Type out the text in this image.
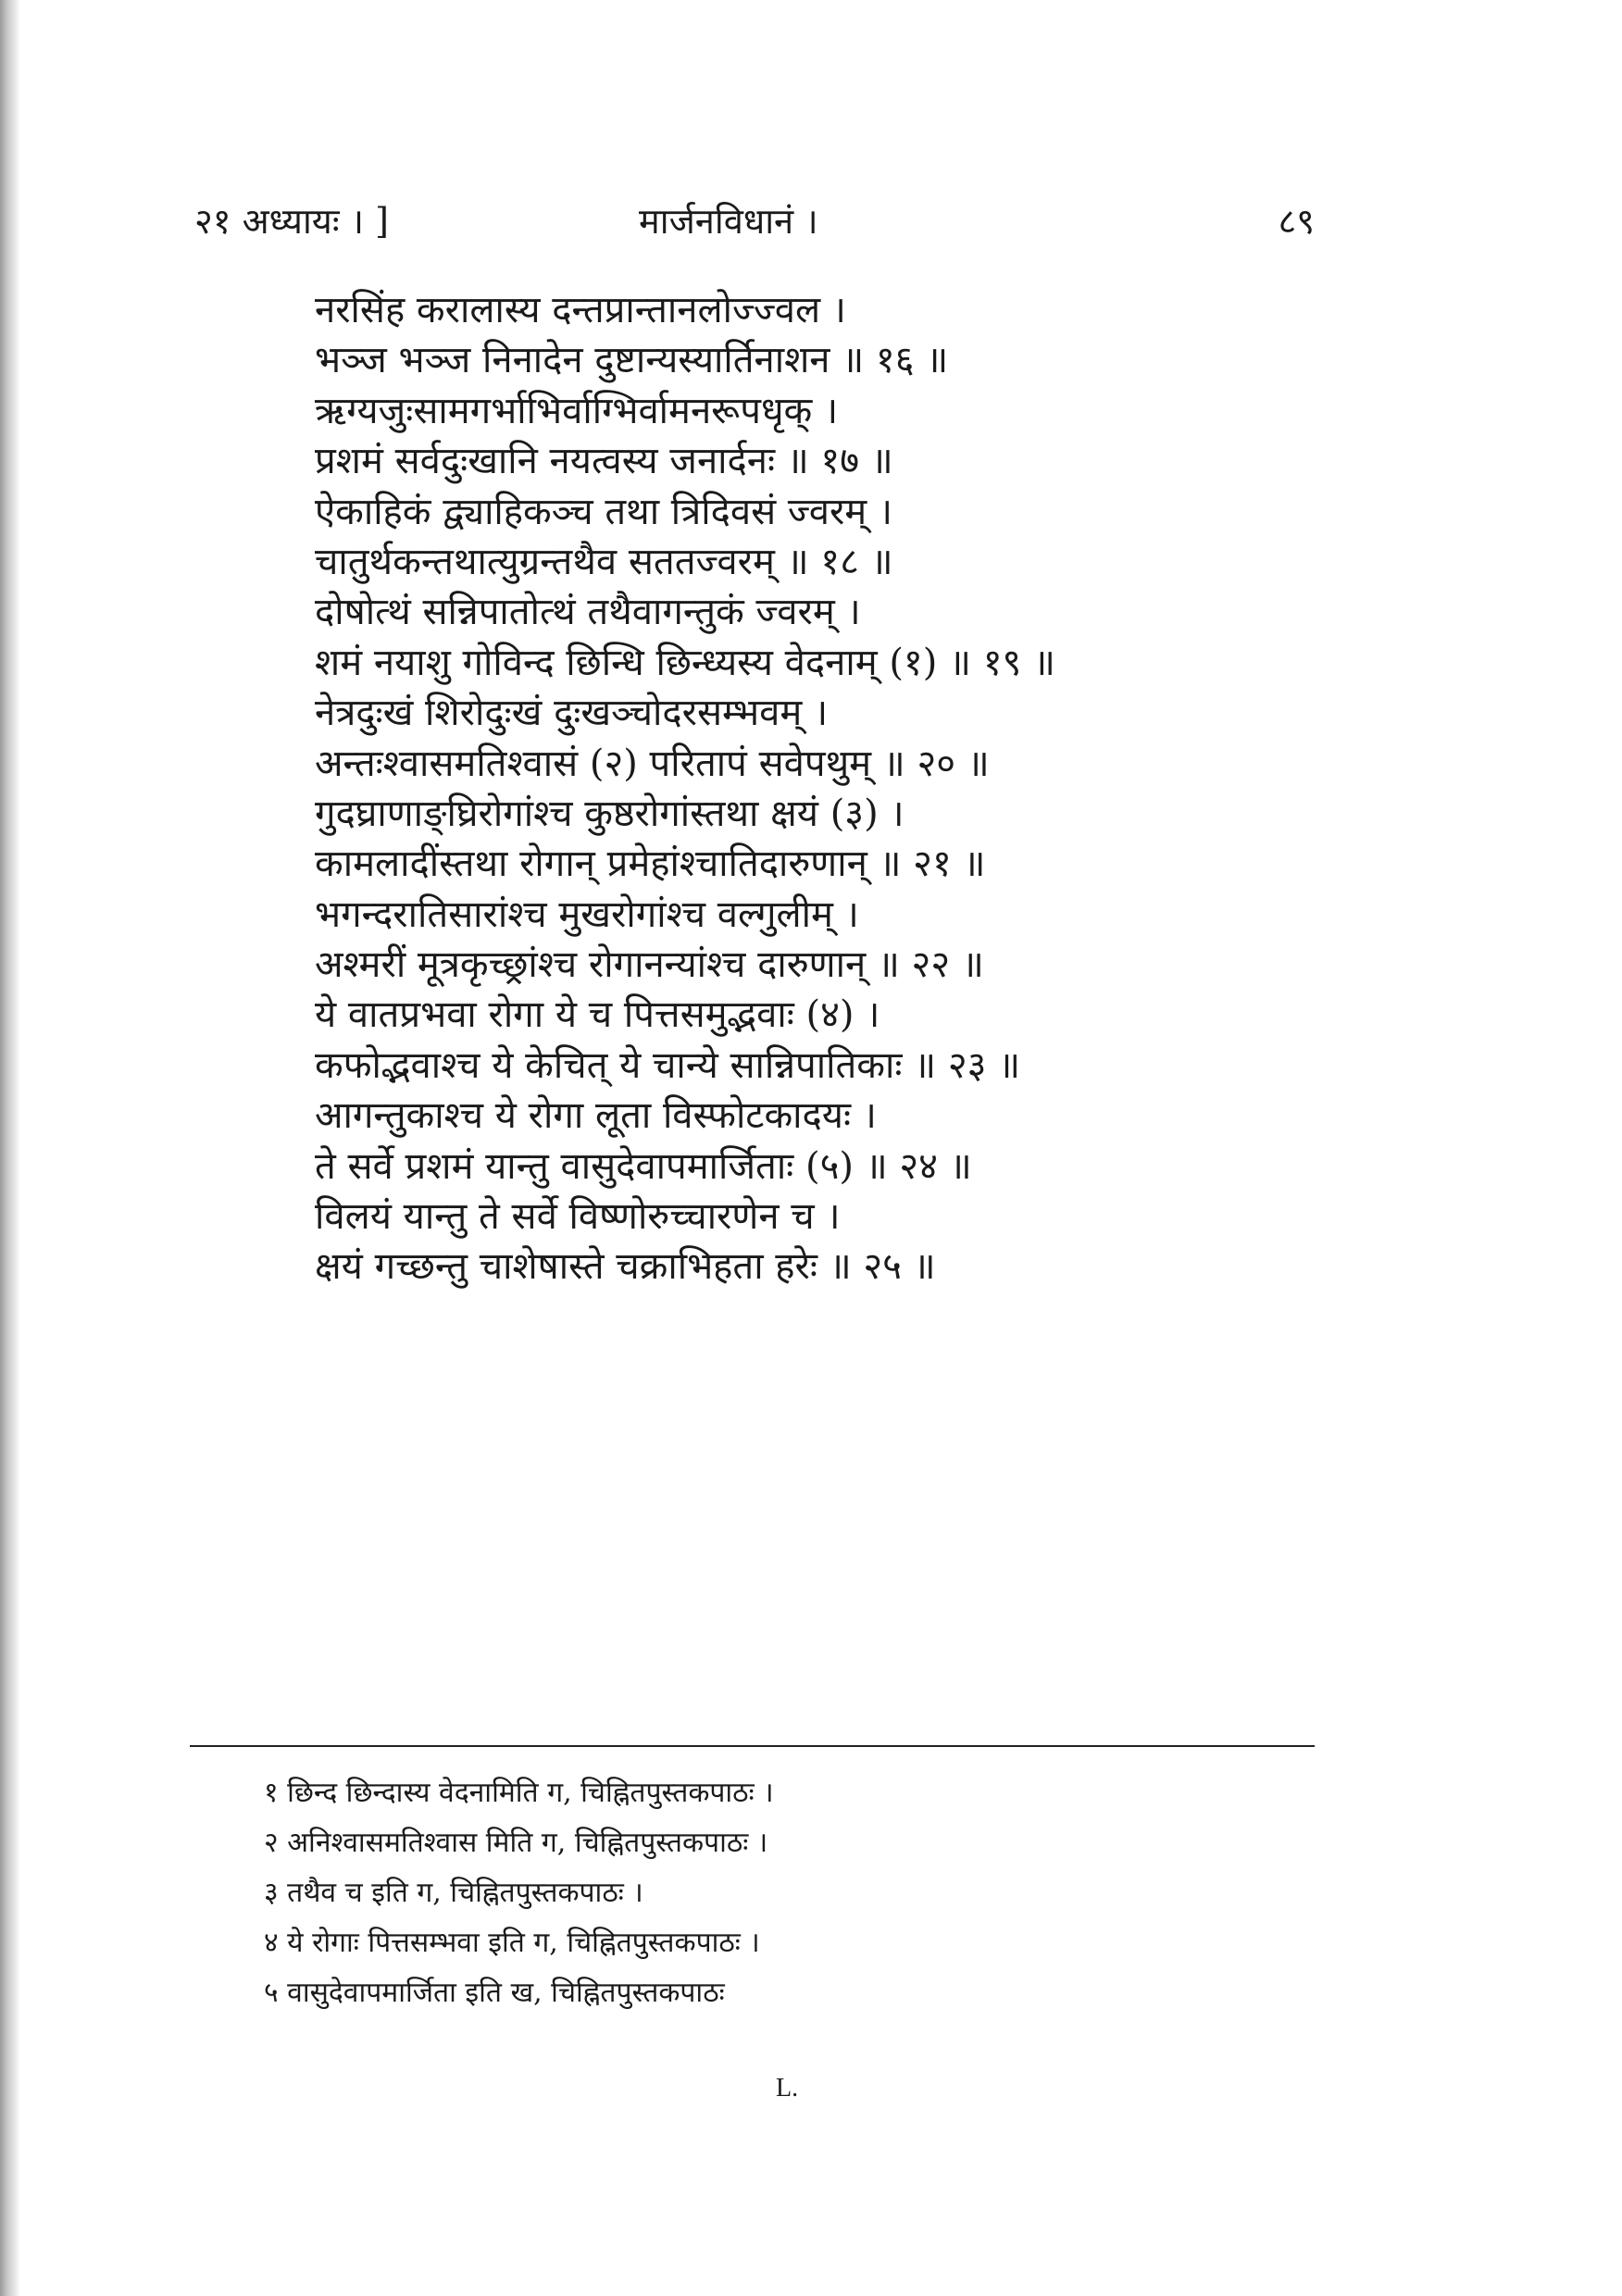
२१ अध्यायः । ]	मार्जनविधानं ।	८९
नरसिंह करालास्य दन्तप्रान्तानलोज्ज्वल ।
भञ्ज भञ्ज निनादेन दुष्टान्यस्यार्तिनाशन ॥ १६ ॥
ऋग्यजुःसामगर्भाभिर्वाग्भिर्वामनरूपधृक् ।
प्रशमं सर्वदुःखानि नयत्वस्य जनार्दनः ॥ १७ ॥
ऐकाहिकं द्व्याहिकञ्च तथा त्रिदिवसं ज्वरम् ।
चातुर्थकन्तथात्युग्रन्तथैव सततज्वरम् ॥ १८ ॥
दोषोत्थं सन्निपातोत्थं तथैवागन्तुकं ज्वरम् ।
शमं नयाशु गोविन्द छिन्धि छिन्ध्यस्य वेदनाम् (१) ॥ १९ ॥
नेत्रदुःखं शिरोदुःखं दुःखञ्चोदरसम्भवम् ।
अन्तःश्वासमतिश्वासं (२) परितापं सवेपथुम् ॥ २० ॥
गुदघ्राणाङ्घ्रिरोगांश्च कुष्ठरोगांस्तथा क्षयं (३) ।
कामलादींस्तथा रोगान् प्रमेहांश्चातिदारुणान् ॥ २१ ॥
भगन्दरातिसारांश्च मुखरोगांश्च वल्गुलीम् ।
अश्मरीं मूत्रकृच्छ्रांश्च रोगानन्यांश्च दारुणान् ॥ २२ ॥
ये वातप्रभवा रोगा ये च पित्तसमुद्भवाः (४) ।
कफोद्भवाश्च ये केचित् ये चान्ये सान्निपातिकाः ॥ २३ ॥
आगन्तुकाश्च ये रोगा लूता विस्फोटकादयः ।
ते सर्वे प्रशमं यान्तु वासुदेवापमार्जिताः (५) ॥ २४ ॥
विलयं यान्तु ते सर्वे विष्णोरुच्चारणेन च ।
क्षयं गच्छन्तु चाशेषास्ते चक्राभिहता हरेः ॥ २५ ॥
१ छिन्द छिन्दास्य वेदनामिति ग, चिह्नितपुस्तकपाठः ।
२ अनिश्वासमतिश्वास मिति ग, चिह्नितपुस्तकपाठः ।
३ तथैव च इति ग, चिह्नितपुस्तकपाठः ।
४ ये रोगाः पित्तसम्भवा इति ग, चिह्नितपुस्तकपाठः ।
५ वासुदेवापमार्जिता इति ख, चिह्नितपुस्तकपाठः
L.
